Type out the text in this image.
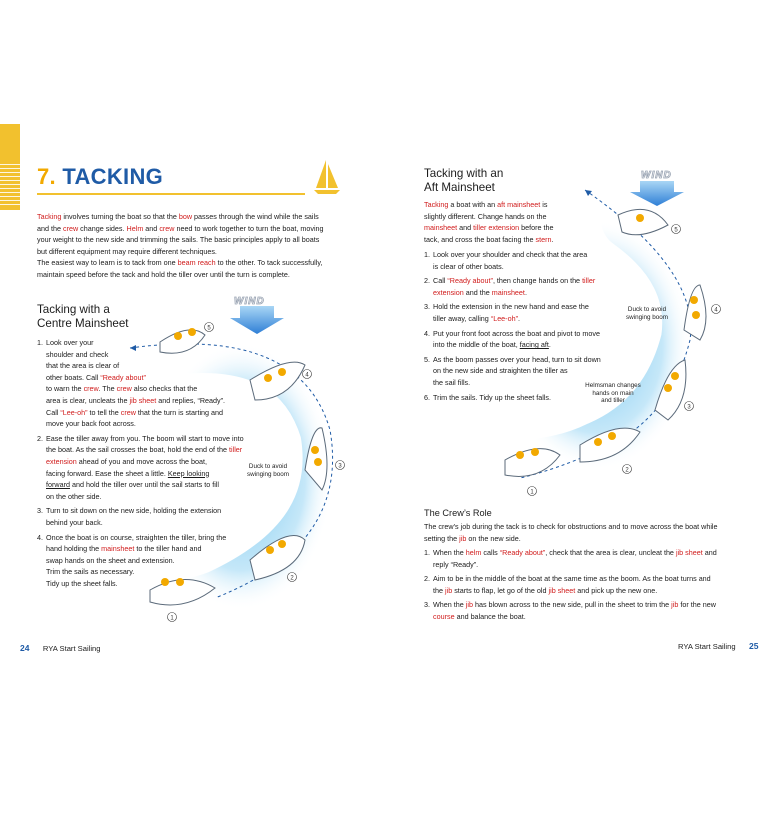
7. TACKING
Tacking involves turning the boat so that the bow passes through the wind while the sails
and the crew change sides. Helm and crew need to work together to turn the boat, moving
your weight to the new side and trimming the sails. The basic principles apply to all boats
but different equipment may require different techniques.
The easiest way to learn is to tack from one beam reach to the other. To tack successfully,
maintain speed before the tack and hold the tiller over until the turn is complete.
Tacking with a
Centre Mainsheet
1
2
3
4
5
WIND
Duck to avoid
swinging boom
1. Look over your
shoulder and check
that the area is clear of
other boats. Call “Ready about”
to warn the crew. The crew also checks that the
area is clear, uncleats the jib sheet and replies, “Ready”.
Call “Lee-oh” to tell the crew that the turn is starting and
move your back foot across.
2. Ease the tiller away from you. The boom will start to move into
the boat. As the sail crosses the boat, hold the end of the tiller
extension ahead of you and move across the boat,
facing forward. Ease the sheet a little. Keep looking
forward and hold the tiller over until the sail starts to fill
on the other side.
3. Turn to sit down on the new side, holding the extension
behind your back.
4. Once the boat is on course, straighten the tiller, bring the
hand holding the mainsheet to the tiller hand and
swap hands on the sheet and extension.
Trim the sails as necessary.
Tidy up the sheet falls.
24 RYA Start Sailing
Tacking with an
Aft Mainsheet
Tacking a boat with an aft mainsheet is
slightly different. Change hands on the
mainsheet and tiller extension before the
tack, and cross the boat facing the stern.
1
2
3
4
5
WIND
Duck to avoid
swinging boom
Helmsman changes
hands on main
and tiller
1. Look over your shoulder and check that the area
is clear of other boats.
2. Call “Ready about”, then change hands on the tiller
extension and the mainsheet.
3. Hold the extension in the new hand and ease the
tiller away, calling “Lee-oh”.
4. Put your front foot across the boat and pivot to move
into the middle of the boat, facing aft.
5. As the boom passes over your head, turn to sit down
on the new side and straighten the tiller as
the sail fills.
6. Trim the sails. Tidy up the sheet falls.
The Crew’s Role
The crew’s job during the tack is to check for obstructions and to move across the boat while
setting the jib on the new side.
1. When the helm calls “Ready about”, check that the area is clear, uncleat the jib sheet and
reply “Ready”.
2. Aim to be in the middle of the boat at the same time as the boom. As the boat turns and
the jib starts to flap, let go of the old jib sheet and pick up the new one.
3. When the jib has blown across to the new side, pull in the sheet to trim the jib for the new
course and balance the boat.
RYA Start Sailing 25
